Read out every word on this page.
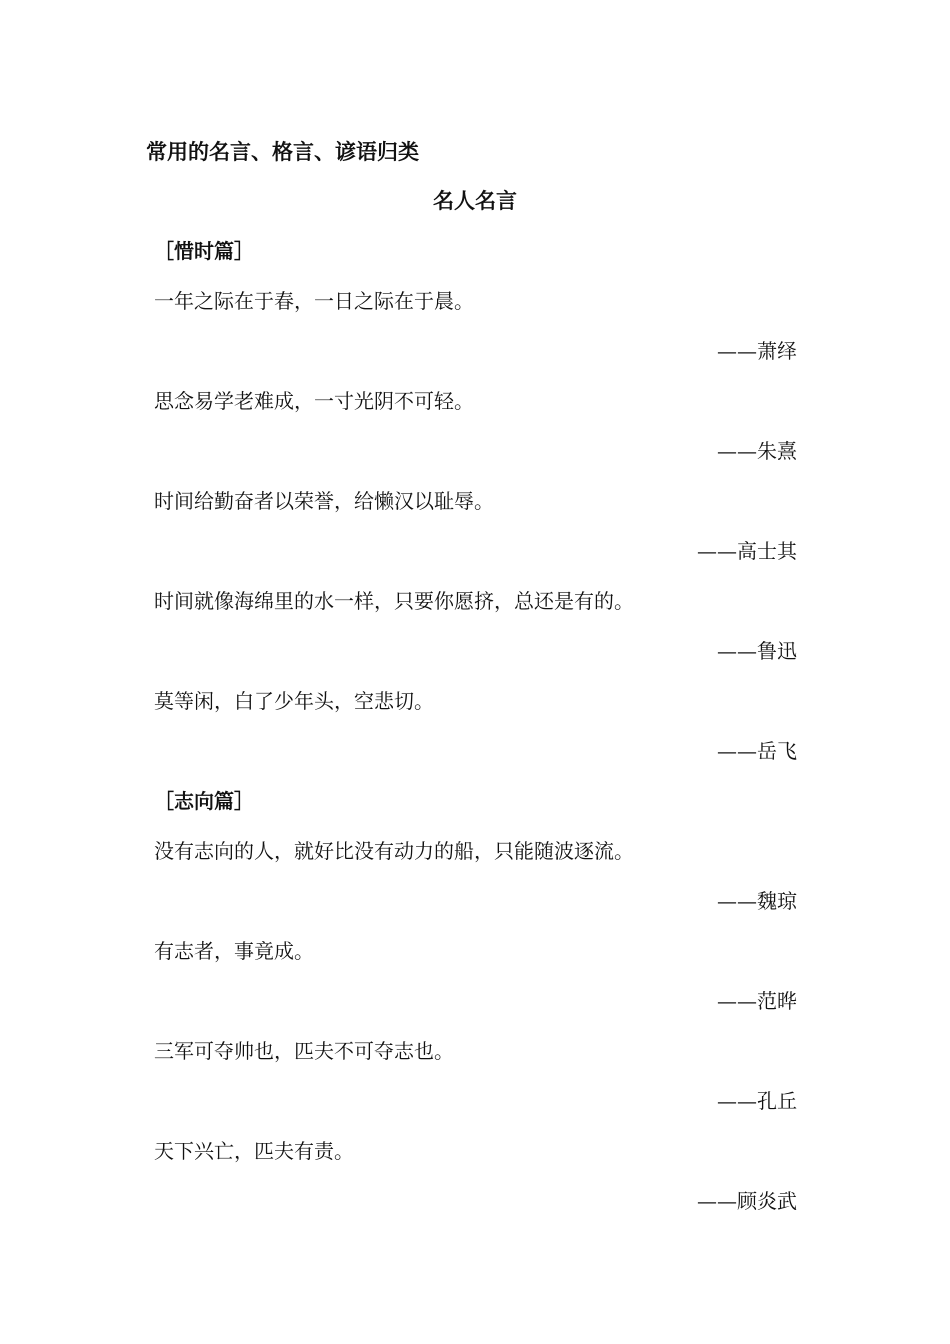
常用的名言、格言、谚语归类
名人名言
［惜时篇］
一年之际在于春，一日之际在于晨。
——萧绎
思念易学老难成，一寸光阴不可轻。
——朱熹
时间给勤奋者以荣誉，给懒汉以耻辱。
——高士其
时间就像海绵里的水一样，只要你愿挤，总还是有的。
——鲁迅
莫等闲，白了少年头，空悲切。
——岳飞
［志向篇］
没有志向的人，就好比没有动力的船，只能随波逐流。
——魏琼
有志者，事竟成。
——范晔
三军可夺帅也，匹夫不可夺志也。
——孔丘
天下兴亡，匹夫有责。
——顾炎武
